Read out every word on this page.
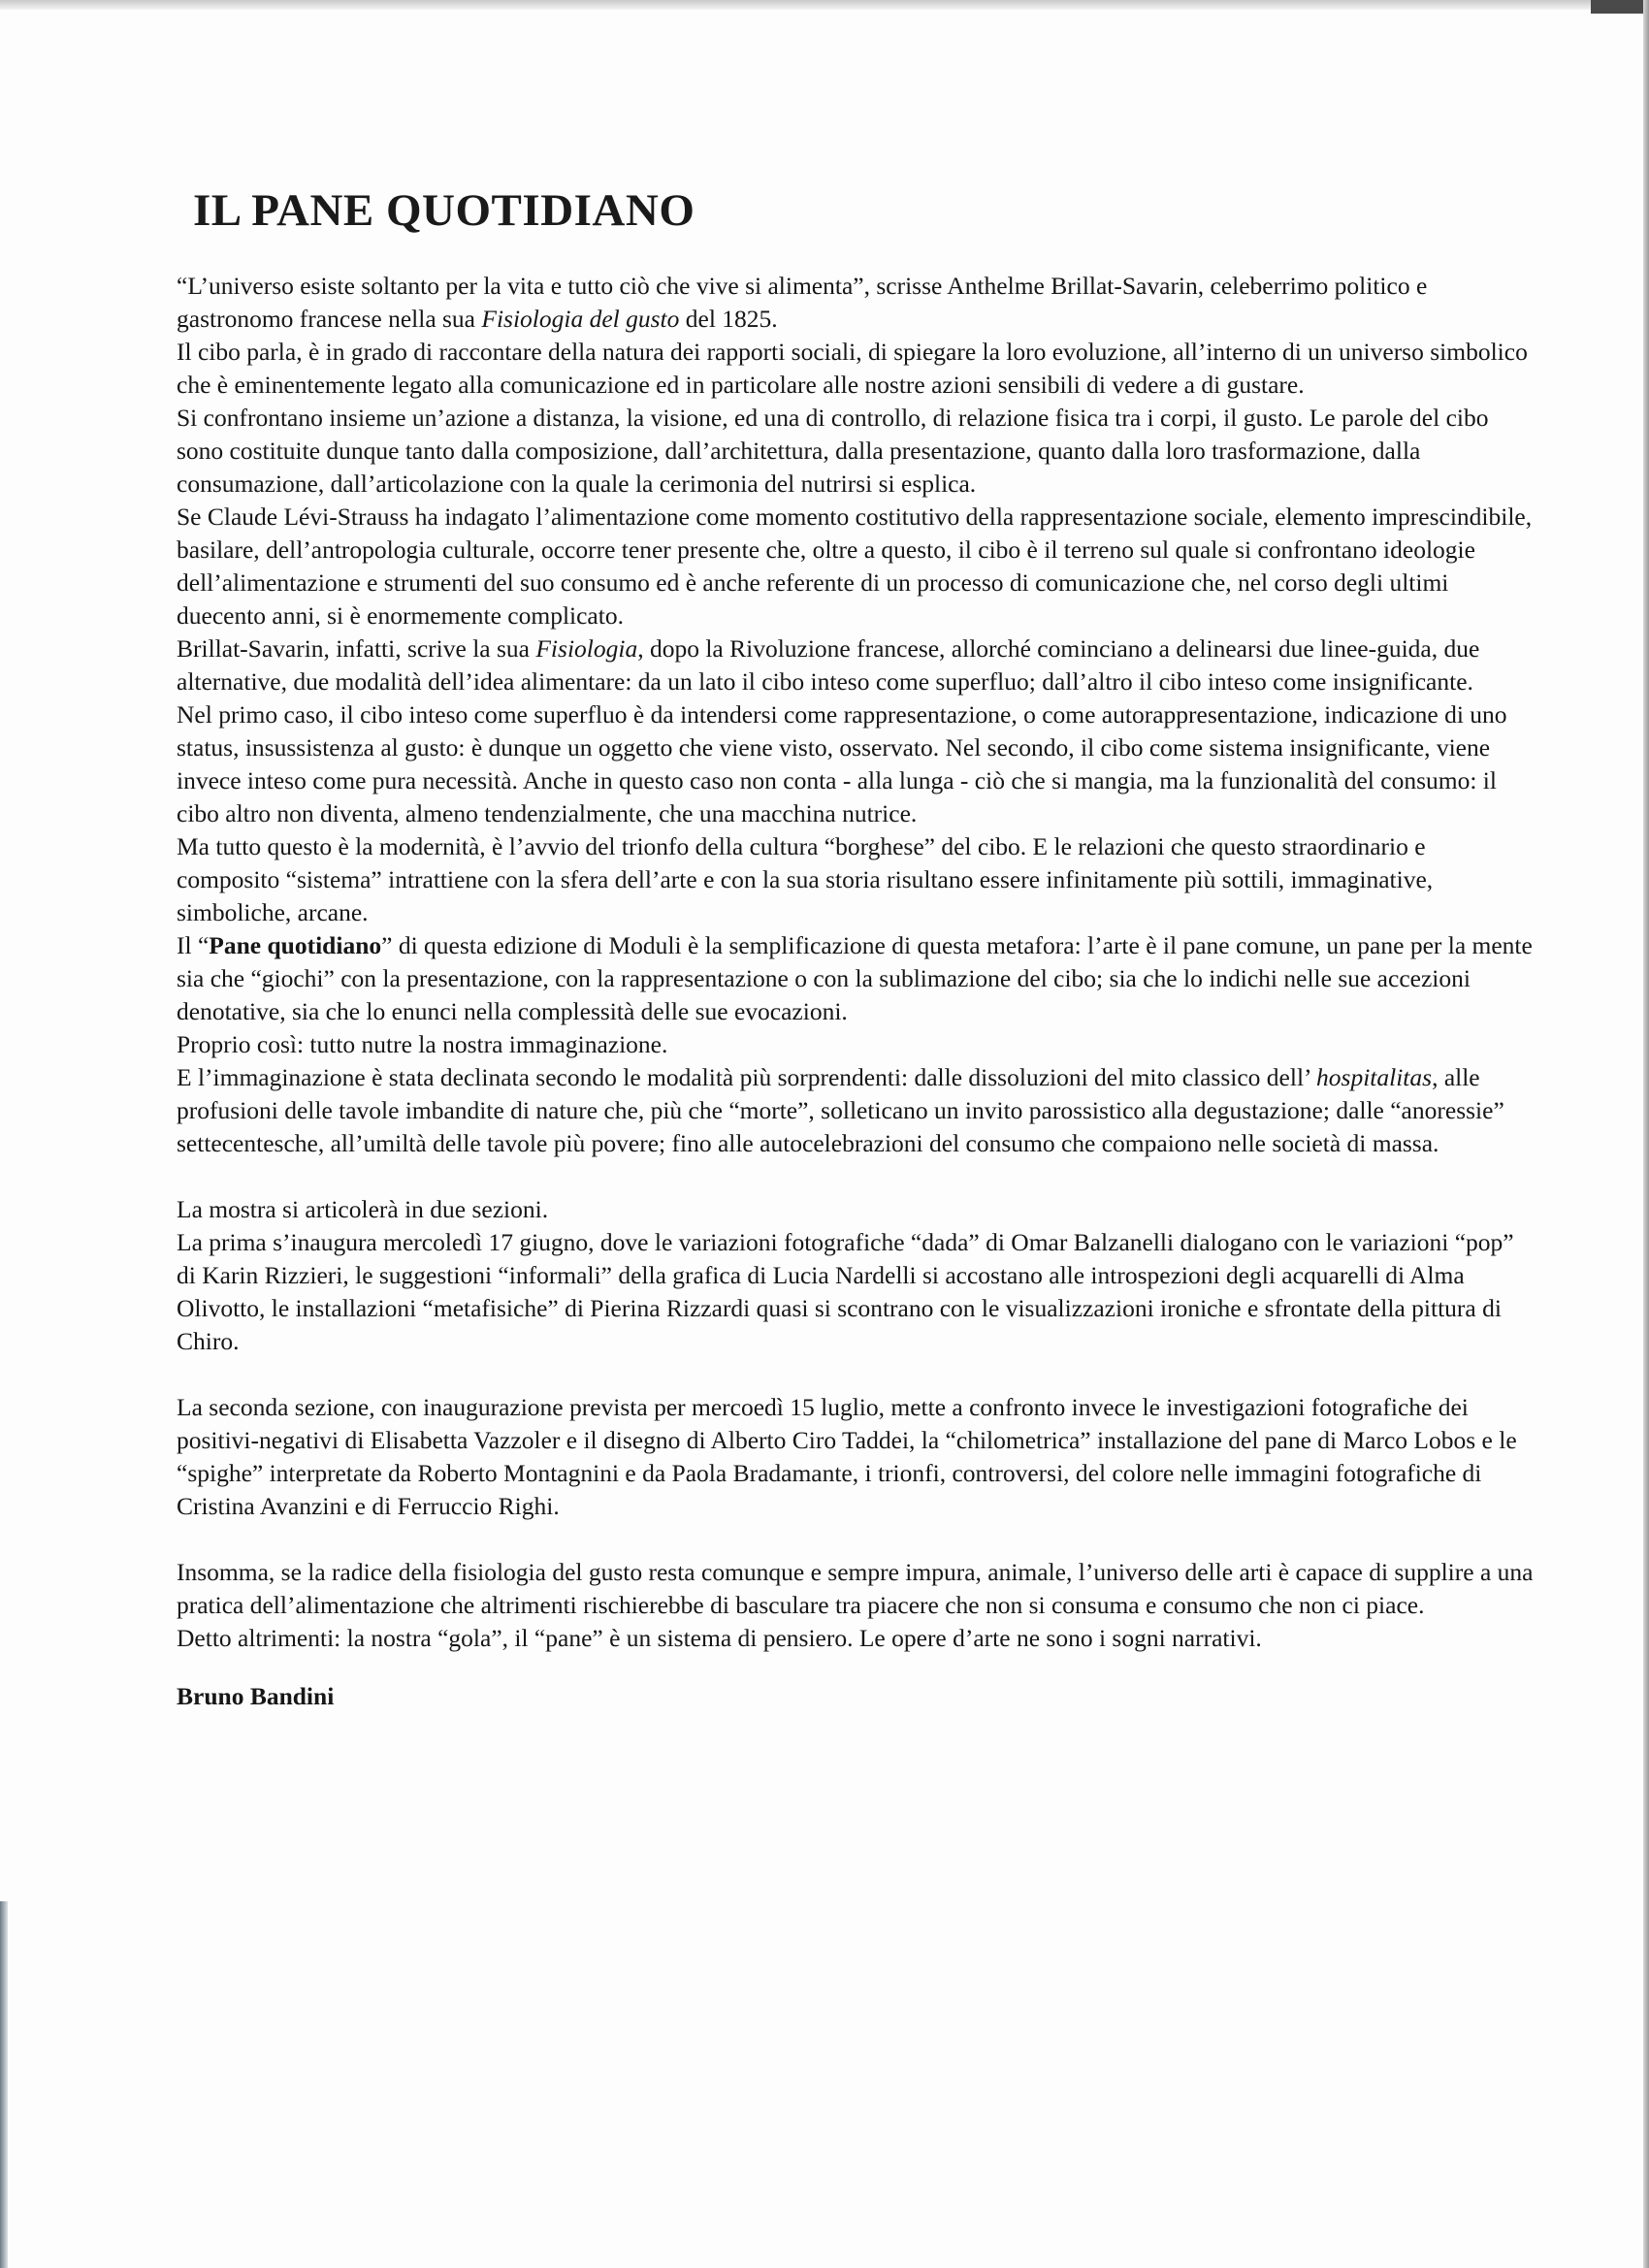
IL PANE QUOTIDIANO

“L’universo esiste soltanto per la vita e tutto ciò che vive si alimenta”, scrisse Anthelme Brillat-Savarin, celeberrimo politico e gastronomo francese nella sua Fisiologia del gusto del 1825.

Il cibo parla, è in grado di raccontare della natura dei rapporti sociali, di spiegare la loro evoluzione, all’interno di un universo simbolico che è eminentemente legato alla comunicazione ed in particolare alle nostre azioni sensibili di vedere a di gustare.

Si confrontano insieme un’azione a distanza, la visione, ed una di controllo, di relazione fisica tra i corpi, il gusto. Le parole del cibo sono costituite dunque tanto dalla composizione, dall’architettura, dalla presentazione, quanto dalla loro trasformazione, dalla consumazione, dall’articolazione con la quale la cerimonia del nutrirsi si esplica.

Se Claude Lévi-Strauss ha indagato l’alimentazione come momento costitutivo della rappresentazione sociale, elemento imprescindibile, basilare, dell’antropologia culturale, occorre tener presente che, oltre a questo, il cibo è il terreno sul quale si confrontano ideologie dell’alimentazione e strumenti del suo consumo ed è anche referente di un processo di comunicazione che, nel corso degli ultimi duecento anni, si è enormemente complicato.

Brillat-Savarin, infatti, scrive la sua Fisiologia, dopo la Rivoluzione francese, allorché cominciano a delinearsi due linee-guida, due alternative, due modalità dell’idea alimentare: da un lato il cibo inteso come superfluo; dall’altro il cibo inteso come insignificante.

Nel primo caso, il cibo inteso come superfluo è da intendersi come rappresentazione, o come autorappresentazione, indicazione di uno status, insussistenza al gusto: è dunque un oggetto che viene visto, osservato. Nel secondo, il cibo come sistema insignificante, viene invece inteso come pura necessità. Anche in questo caso non conta - alla lunga - ciò che si mangia, ma la funzionalità del consumo: il cibo altro non diventa, almeno tendenzialmente, che una macchina nutrice.

Ma tutto questo è la modernità, è l’avvio del trionfo della cultura “borghese” del cibo. E le relazioni che questo straordinario e composito “sistema” intrattiene con la sfera dell’arte e con la sua storia risultano essere infinitamente più sottili, immaginative, simboliche, arcane.

Il “Pane quotidiano” di questa edizione di Moduli è la semplificazione di questa metafora: l’arte è il pane comune, un pane per la mente sia che “giochi” con la presentazione, con la rappresentazione o con la sublimazione del cibo; sia che lo indichi nelle sue accezioni denotative, sia che lo enunci nella complessità delle sue evocazioni.

Proprio così: tutto nutre la nostra immaginazione.

E l’immaginazione è stata declinata secondo le modalità più sorprendenti: dalle dissoluzioni del mito classico dell’ hospitalitas, alle profusioni delle tavole imbandite di nature che, più che “morte”, solleticano un invito parossistico alla degustazione; dalle “anoressie” settecentesche, all’umiltà delle tavole più povere; fino alle autocelebrazioni del consumo che compaiono nelle società di massa.

La mostra si articolerà in due sezioni.

La prima s’inaugura mercoledì 17 giugno, dove le variazioni fotografiche “dada” di Omar Balzanelli dialogano con le variazioni “pop” di Karin Rizzieri, le suggestioni “informali” della grafica di Lucia Nardelli si accostano alle introspezioni degli acquarelli di Alma Olivotto, le installazioni “metafisiche” di Pierina Rizzardi quasi si scontrano con le visualizzazioni ironiche e sfrontate della pittura di Chiro.

La seconda sezione, con inaugurazione prevista per mercoedì 15 luglio, mette a confronto invece le investigazioni fotografiche dei positivi-negativi di Elisabetta Vazzoler e il disegno di Alberto Ciro Taddei, la “chilometrica” installazione del pane di Marco Lobos e le “spighe” interpretate da Roberto Montagnini e da Paola Bradamante, i trionfi, controversi, del colore nelle immagini fotografiche di Cristina Avanzini e di Ferruccio Righi.

Insomma, se la radice della fisiologia del gusto resta comunque e sempre impura, animale, l’universo delle arti è capace di supplire a una pratica dell’alimentazione che altrimenti rischierebbe di basculare tra piacere che non si consuma e consumo che non ci piace.

Detto altrimenti: la nostra “gola”, il “pane” è un sistema di pensiero. Le opere d’arte ne sono i sogni narrativi.

Bruno Bandini
